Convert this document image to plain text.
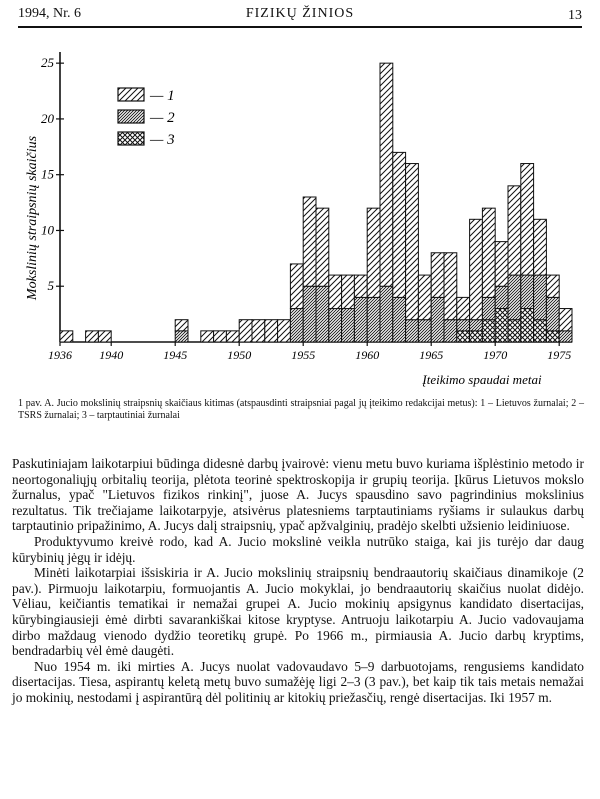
1994, Nr. 6	FIZIKŲ ŽINIOS	13
5
10
15
20
25
1936 1940	1945	1950	1955	1960	1965	1970	1975
— 1
— 2
— 3
Mokslinių straipsnių skaičius
Įteikimo spaudai metai
1 pav. A. Jucio mokslinių straipsnių skaičiaus kitimas (atspausdinti straipsniai pagal jų įteikimo redakcijai metus): 1 – Lietuvos žurnalai; 2 – TSRS žurnalai; 3 – tarptautiniai žurnalai

Paskutiniajam laikotarpiui būdinga didesnė darbų įvairovė: vienu metu buvo kuriama išplėstinio metodo ir neortogonaliųjų orbitalių teorija, plėtota teorinė spektroskopija ir grupių teorija. Įkūrus Lietuvos mokslo žurnalus, ypač "Lietuvos fizikos rinkinį", juose A. Jucys spausdino savo pagrindinius mokslinius rezultatus. Tik trečiajame laikotarpyje, atsivėrus platesniems tarptautiniams ryšiams ir sulaukus darbų tarptautinio pripažinimo, A. Jucys dalį straipsnių, ypač apžvalginių, pradėjo skelbti užsienio leidiniuose.

Produktyvumo kreivė rodo, kad A. Jucio mokslinė veikla nutrūko staiga, kai jis turėjo dar daug kūrybinių jėgų ir idėjų.

Minėti laikotarpiai išsiskiria ir A. Jucio mokslinių straipsnių bendraautorių skaičiaus dinamikoje (2 pav.). Pirmuoju laikotarpiu, formuojantis A. Jucio mokyklai, jo bendraautorių skaičius nuolat didėjo. Vėliau, keičiantis tematikai ir nemažai grupei A. Jucio mokinių apsigynus kandidato disertacijas, kūrybingiausieji ėmė dirbti savarankiškai kitose kryptyse. Antruoju laikotarpiu A. Jucio vadovaujama dirbo maždaug vienodo dydžio teoretikų grupė. Po 1966 m., pirmiausia A. Jucio darbų kryptims, bendradarbių vėl ėmė daugėti.

Nuo 1954 m. iki mirties A. Jucys nuolat vadovaudavo 5–9 darbuotojams, rengusiems kandidato disertacijas. Tiesa, aspirantų keletą metų buvo sumažėję ligi 2–3 (3 pav.), bet kaip tik tais metais nemažai jo mokinių, nestodami į aspirantūrą dėl politinių ar kitokių priežasčių, rengė disertacijas. Iki 1957 m.
